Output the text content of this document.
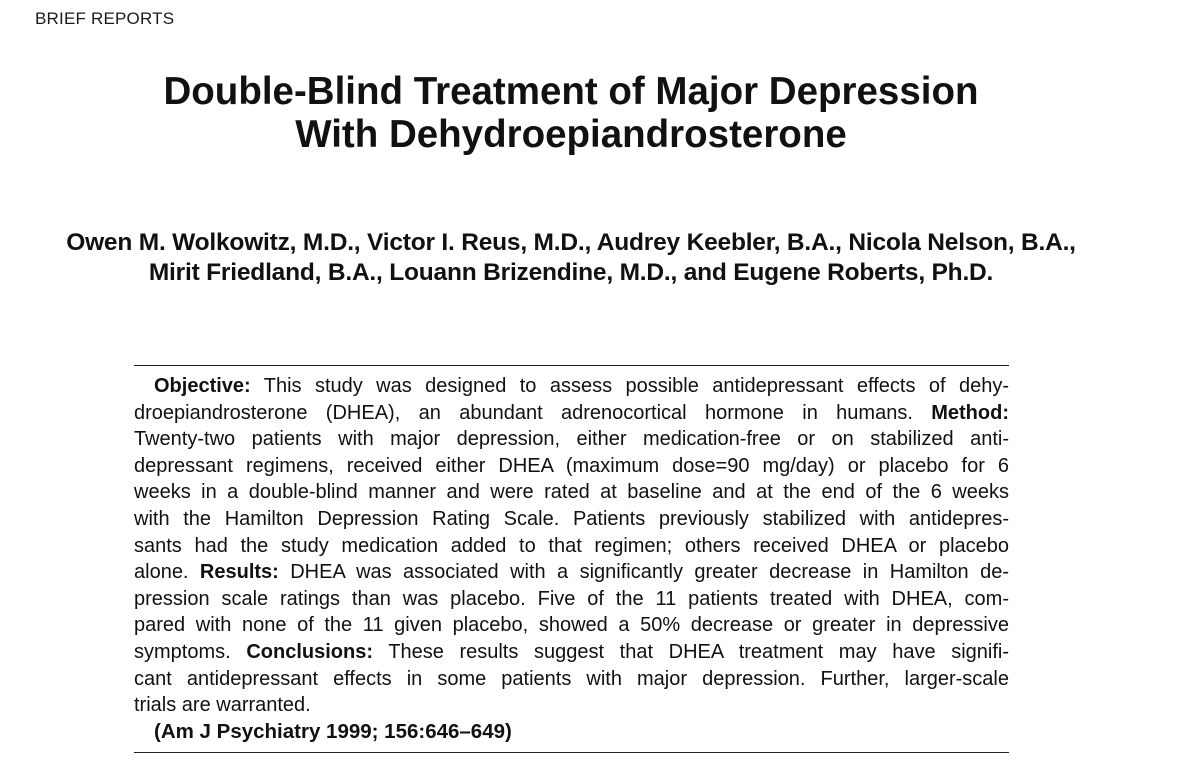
BRIEF REPORTS
Double-Blind Treatment of Major Depression
With Dehydroepiandrosterone
Owen M. Wolkowitz, M.D., Victor I. Reus, M.D., Audrey Keebler, B.A., Nicola Nelson, B.A.,
Mirit Friedland, B.A., Louann Brizendine, M.D., and Eugene Roberts, Ph.D.
Objective: This study was designed to assess possible antidepressant effects of dehy-
droepiandrosterone (DHEA), an abundant adrenocortical hormone in humans. Method:
Twenty-two patients with major depression, either medication-free or on stabilized anti-
depressant regimens, received either DHEA (maximum dose=90 mg/day) or placebo for 6
weeks in a double-blind manner and were rated at baseline and at the end of the 6 weeks
with the Hamilton Depression Rating Scale. Patients previously stabilized with antidepres-
sants had the study medication added to that regimen; others received DHEA or placebo
alone. Results: DHEA was associated with a significantly greater decrease in Hamilton de-
pression scale ratings than was placebo. Five of the 11 patients treated with DHEA, com-
pared with none of the 11 given placebo, showed a 50% decrease or greater in depressive
symptoms. Conclusions: These results suggest that DHEA treatment may have signifi-
cant antidepressant effects in some patients with major depression. Further, larger-scale
trials are warranted.
(Am J Psychiatry 1999; 156:646–649)
